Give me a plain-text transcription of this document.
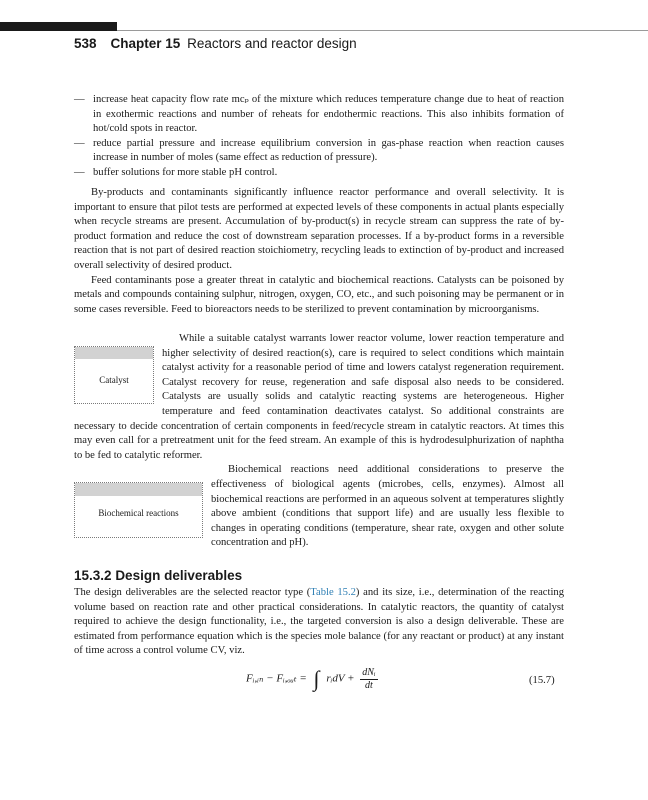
538 Chapter 15 Reactors and reactor design
— increase heat capacity flow rate mcₚ of the mixture which reduces temperature change due to heat of reaction in exothermic reactions and number of reheats for endothermic reactions. This also inhibits formation of hot/cold spots in reactor.
— reduce partial pressure and increase equilibrium conversion in gas-phase reaction when reaction causes increase in number of moles (same effect as reduction of pressure).
— buffer solutions for more stable pH control.

By-products and contaminants significantly influence reactor performance and overall selectivity. It is important to ensure that pilot tests are performed at expected levels of these components in actual plants especially when recycle streams are present. Accumulation of by-product(s) in recycle stream can suppress the rate of by-product formation and reduce the cost of downstream separation processes. If a by-product forms in a reversible reaction that is not part of desired reaction stoichiometry, recycling leads to extinction of by-product and increased overall selectivity of desired product.

Feed contaminants pose a greater threat in catalytic and biochemical reactions. Catalysts can be poisoned by metals and compounds containing sulphur, nitrogen, oxygen, CO, etc., and such poisoning may be permanent or in some cases reversible. Feed to bioreactors needs to be sterilized to prevent contamination by microorganisms.

Catalyst

While a suitable catalyst warrants lower reactor volume, lower reaction temperature and higher selectivity of desired reaction(s), care is required to select conditions which maintain catalyst activity for a reasonable period of time and lowers catalyst regeneration requirement. Catalyst recovery for reuse, regeneration and safe disposal also needs to be considered. Catalysts are usually solids and catalytic reacting systems are heterogeneous. Higher temperature and feed contamination deactivates catalyst. So additional constraints are necessary to decide concentration of certain components in feed/recycle stream in catalytic reactors. At times this may even call for a pretreatment unit for the feed stream. An example of this is hydrodesulphurization of naphtha to be fed to catalytic reformer.

Biochemical reactions

Biochemical reactions need additional considerations to preserve the effectiveness of biological agents (microbes, cells, enzymes). Almost all biochemical reactions are performed in an aqueous solvent at temperatures slightly above ambient (conditions that support life) and are usually less flexible to changes in operating conditions (temperature, shear rate, oxygen and other solute concentration and pH).

15.3.2 Design deliverables

The design deliverables are the selected reactor type (Table 15.2) and its size, i.e., determination of the reacting volume based on reaction rate and other practical considerations. In catalytic reactors, the quantity of catalyst required to achieve the design functionality, i.e., the targeted conversion is also a design deliverable. These are estimated from performance equation which is the species mole balance (for any reactant or product) at any instant of time across a control volume CV, viz.

Fᵢ,ᵢₙ − Fᵢ,ₒᵤₜ = ∫ rᵢdV +
dNᵢ
dt	(15.7)
